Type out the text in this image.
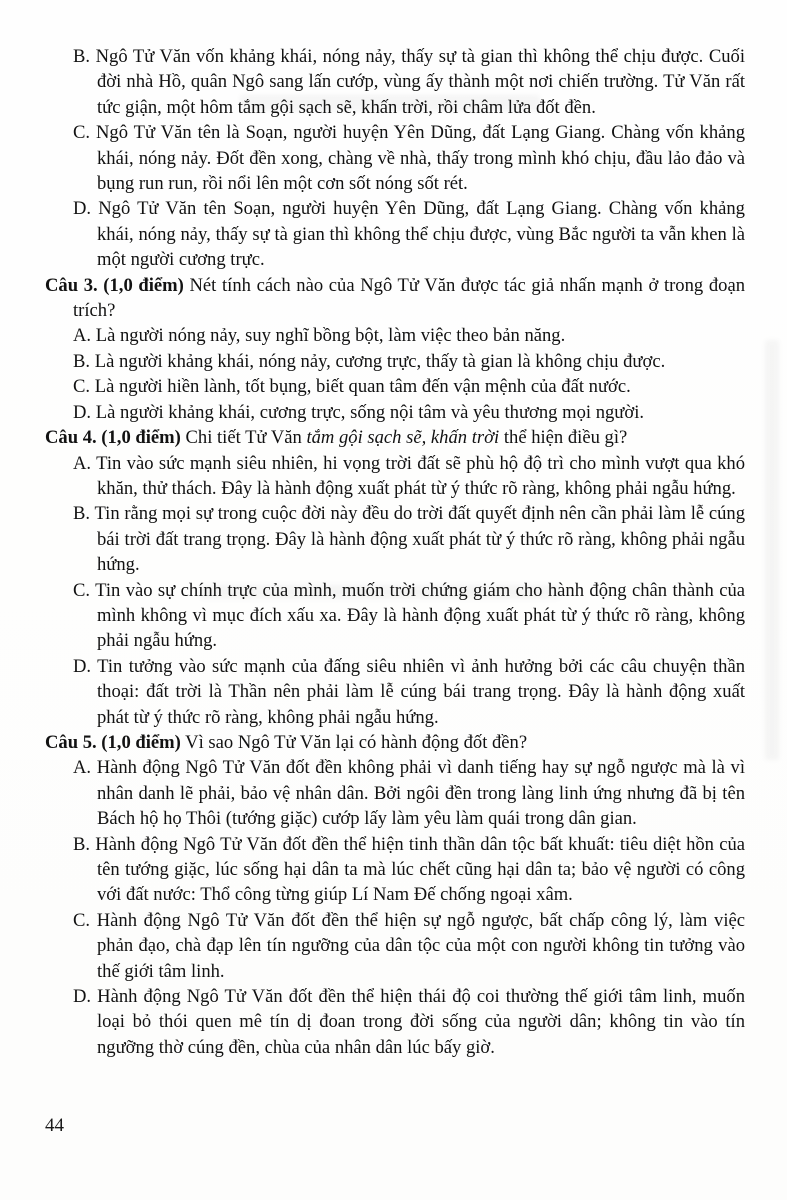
B. Ngô Tử Văn vốn khảng khái, nóng nảy, thấy sự tà gian thì không thể chịu được. Cuối đời nhà Hồ, quân Ngô sang lấn cướp, vùng ấy thành một nơi chiến trường. Tử Văn rất tức giận, một hôm tắm gội sạch sẽ, khấn trời, rồi châm lửa đốt đền.

C. Ngô Tử Văn tên là Soạn, người huyện Yên Dũng, đất Lạng Giang. Chàng vốn khảng khái, nóng nảy. Đốt đền xong, chàng về nhà, thấy trong mình khó chịu, đầu lảo đảo và bụng run run, rồi nổi lên một cơn sốt nóng sốt rét.

D. Ngô Tử Văn tên Soạn, người huyện Yên Dũng, đất Lạng Giang. Chàng vốn khảng khái, nóng nảy, thấy sự tà gian thì không thể chịu được, vùng Bắc người ta vẫn khen là một người cương trực.

Câu 3. (1,0 điểm) Nét tính cách nào của Ngô Tử Văn được tác giả nhấn mạnh ở trong đoạn trích?

A. Là người nóng nảy, suy nghĩ bồng bột, làm việc theo bản năng.

B. Là người khảng khái, nóng nảy, cương trực, thấy tà gian là không chịu được.

C. Là người hiền lành, tốt bụng, biết quan tâm đến vận mệnh của đất nước.

D. Là người khảng khái, cương trực, sống nội tâm và yêu thương mọi người.

Câu 4. (1,0 điểm) Chi tiết Tử Văn tắm gội sạch sẽ, khấn trời thể hiện điều gì?

A. Tin vào sức mạnh siêu nhiên, hi vọng trời đất sẽ phù hộ độ trì cho mình vượt qua khó khăn, thử thách. Đây là hành động xuất phát từ ý thức rõ ràng, không phải ngẫu hứng.

B. Tin rằng mọi sự trong cuộc đời này đều do trời đất quyết định nên cần phải làm lễ cúng bái trời đất trang trọng. Đây là hành động xuất phát từ ý thức rõ ràng, không phải ngẫu hứng.

C. Tin vào sự chính trực của mình, muốn trời chứng giám cho hành động chân thành của mình không vì mục đích xấu xa. Đây là hành động xuất phát từ ý thức rõ ràng, không phải ngẫu hứng.

D. Tin tưởng vào sức mạnh của đấng siêu nhiên vì ảnh hưởng bởi các câu chuyện thần thoại: đất trời là Thần nên phải làm lễ cúng bái trang trọng. Đây là hành động xuất phát từ ý thức rõ ràng, không phải ngẫu hứng.

Câu 5. (1,0 điểm) Vì sao Ngô Tử Văn lại có hành động đốt đền?

A. Hành động Ngô Tử Văn đốt đền không phải vì danh tiếng hay sự ngỗ ngược mà là vì nhân danh lẽ phải, bảo vệ nhân dân. Bởi ngôi đền trong làng linh ứng nhưng đã bị tên Bách hộ họ Thôi (tướng giặc) cướp lấy làm yêu làm quái trong dân gian.

B. Hành động Ngô Tử Văn đốt đền thể hiện tinh thần dân tộc bất khuất: tiêu diệt hồn của tên tướng giặc, lúc sống hại dân ta mà lúc chết cũng hại dân ta; bảo vệ người có công với đất nước: Thổ công từng giúp Lí Nam Đế chống ngoại xâm.

C. Hành động Ngô Tử Văn đốt đền thể hiện sự ngỗ ngược, bất chấp công lý, làm việc phản đạo, chà đạp lên tín ngưỡng của dân tộc của một con người không tin tưởng vào thế giới tâm linh.

D. Hành động Ngô Tử Văn đốt đền thể hiện thái độ coi thường thế giới tâm linh, muốn loại bỏ thói quen mê tín dị đoan trong đời sống của người dân; không tin vào tín ngưỡng thờ cúng đền, chùa của nhân dân lúc bấy giờ.

44
